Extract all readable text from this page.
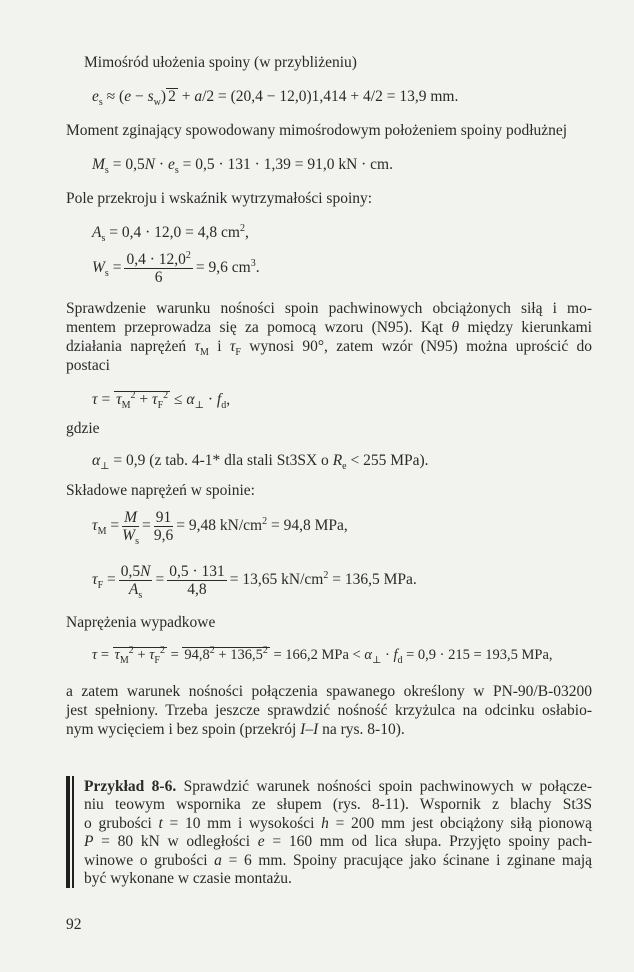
Mimośród ułożenia spoiny (w przybliżeniu)
$e_s \approx (e - s_w) 2 + a/2 = (20,4 - 12,0)1,414 + 4/2 = 13,9$ mm.
Moment zginający spowodowany mimośrodowym położeniem spoiny podłużnej
$M_s = 0,5N \cdot e_s = 0,5 \cdot 131 \cdot 1,39 = 91,0$ kN · cm.
Pole przekroju i wskaźnik wytrzymałości spoiny:
$A_s = 0,4 \cdot 12,0 = 4,8$ $cm^2$,
$W_s = \frac{0,4 \cdot 12,0^2}{6} = 9,6$ $cm^3$.
Sprawdzenie warunku nośności spoin pachwinowych obciążonych siłą i mo-
mentem przeprowadza się za pomocą wzoru (N95). Kąt θ między kierunkami
działania naprężeń $\tau_M$ i $\tau_F$ wynosi 90°, zatem wzór (N95) można uprościć do
postaci
$\tau = \tau_M^2 + \tau_F^2 \le \alpha_\perp \cdot f_d$,
gdzie
$\alpha_\perp = 0,9$ (z tab. 4-1* dla stali St3SX o $R_e < 255$ MPa).
Składowe naprężeń w spoinie:
$\tau_M = \frac{M}{W_s} = \frac{91}{9,6} = 9,48$ $kN/cm^2 = 94,8$ MPa,
$\tau_F = \frac{0,5N}{A_s} = \frac{0,5 \cdot 131}{4,8} = 13,65$ $kN/cm^2 = 136,5$ MPa.
Naprężenia wypadkowe
$\tau = \tau_M^2 + \tau_F^2 = 94,8^2 + 136,5^2 = 166,2$ MPa < $\alpha_\perp \cdot f_d = 0,9 \cdot 215 = 193,5$ MPa,
a zatem warunek nośności połączenia spawanego określony w PN-90/B-03200
jest spełniony. Trzeba jeszcze sprawdzić nośność krzyżulca na odcinku osłabio-
nym wycięciem i bez spoin (przekrój I–I na rys. 8-10).
Przykład 8-6. Sprawdzić warunek nośności spoin pachwinowych w połącze-
niu teowym wspornika ze słupem (rys. 8-11). Wspornik z blachy St3S
o grubości t = 10 mm i wysokości h = 200 mm jest obciążony siłą pionową
P = 80 kN w odległości e = 160 mm od lica słupa. Przyjęto spoiny pach-
winowe o grubości a = 6 mm. Spoiny pracujące jako ścinane i zginane mają
być wykonane w czasie montażu.
92
